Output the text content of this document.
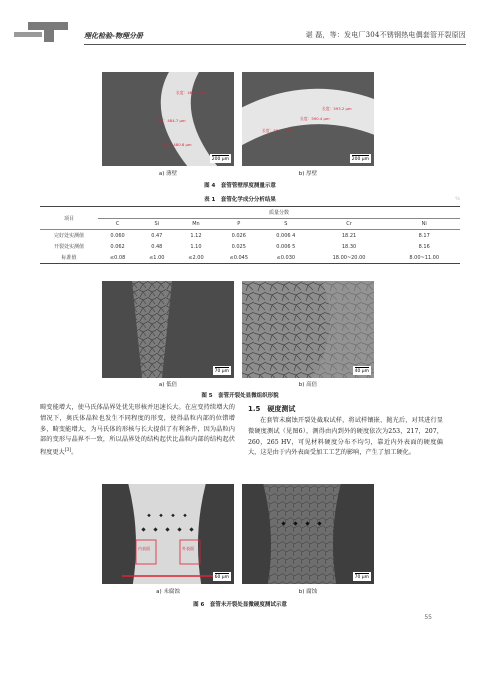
理化检验-物理分册	谌 磊，等：发电厂304不锈钢热电偶套管开裂原因
长度：488.0 μm
长度：484.7 μm
长度：480.8 μm
200 μm
长度：593.2 μm
长度：590.4 μm
长度：581.2 μm
200 μm
a) 薄壁	b) 厚壁
图 4　套管管壁厚度测量示意
表 1　套管化学成分分析结果	%
项目	质量分数						
	C	Si	Mn	P	S	Cr	Ni
完好处实测值	0.060	0.47	1.12	0.026	0.006 4	18.21	8.17
开裂处实测值	0.062	0.48	1.10	0.025	0.006 5	18.30	8.16
标准值	≤0.08	≤1.00	≤2.00	≤0.045	≤0.030	18.00~20.00	8.00~11.00
70 μm	40 μm
a) 低倍	b) 高倍
图 5　套管开裂处显微组织形貌
畸变能增大，使马氏体晶界处优先形核并迅速长大。在应变持续增大的情况下，奥氏体晶粒也发生不同程度的形变，使得晶粒内部的位错增多，畸变能增大，为马氏体的形核与长大提供了有利条件，因为晶粒内部的变形与晶界不一致，所以晶界处的结构起伏比晶粒内部的结构起伏程度更大[3]。
1.5　硬度测试
在套管未腐蚀开裂处截取试样，将试样镶嵌、抛光后，对其进行显微硬度测试（见图6），测得由内到外的硬度依次为253，217，207，260，265 HV，可见材料硬度分布不均匀，靠近内外表面的硬度偏大，这是由于内外表面受加工工艺的影响，产生了加工硬化。
内表面	外表面
60 μm	70 μm
a) 未腐蚀	b) 腐蚀
图 6　套管未开裂处显微硬度测试示意
55
